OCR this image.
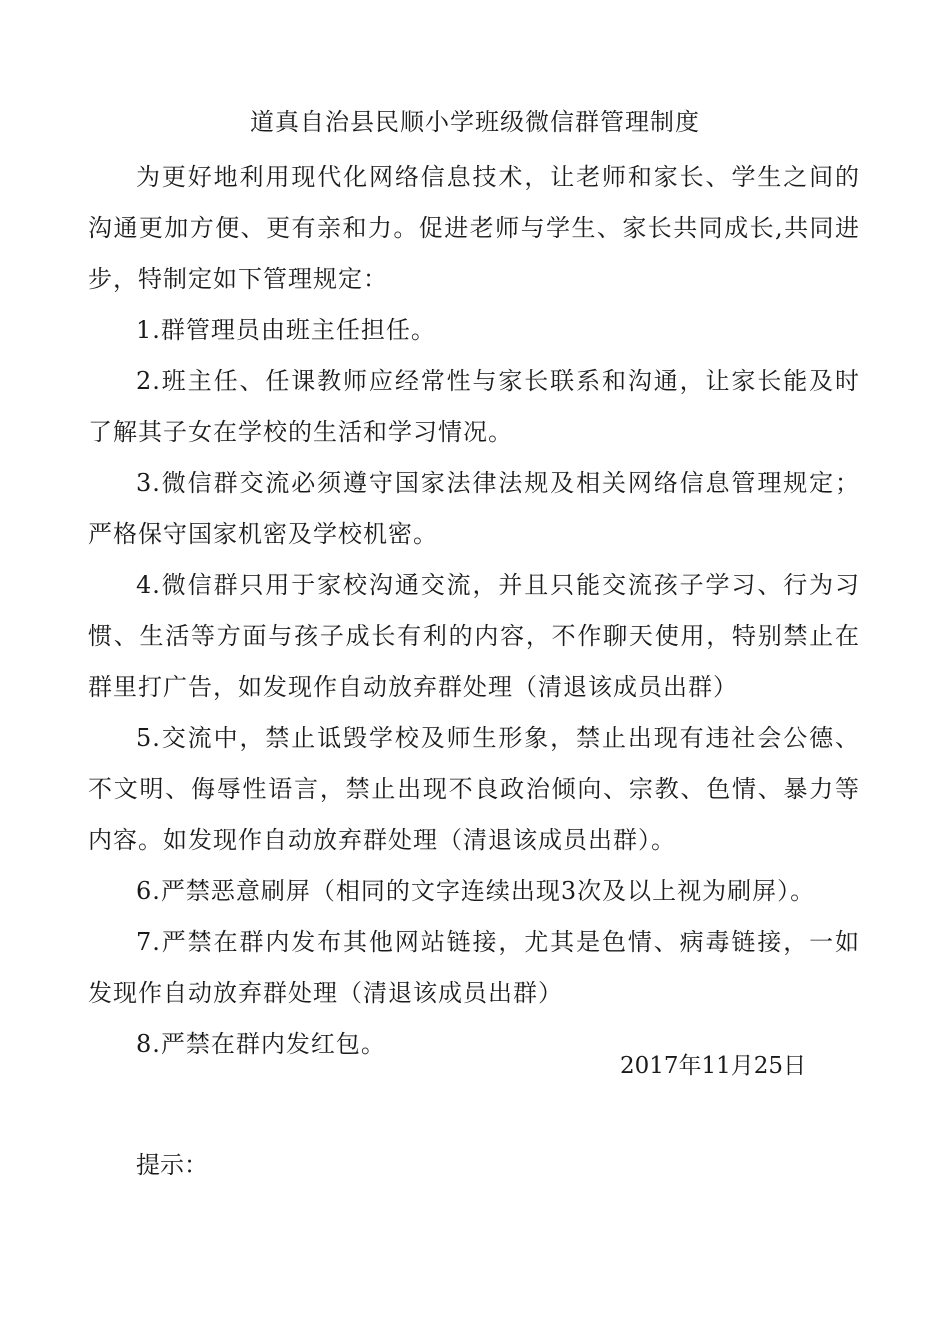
道真自治县民顺小学班级微信群管理制度

为更好地利用现代化网络信息技术，让老师和家长、学生之间的沟通更加方便、更有亲和力。促进老师与学生、家长共同成长,共同进步，特制定如下管理规定：

1.群管理员由班主任担任。

2.班主任、任课教师应经常性与家长联系和沟通，让家长能及时了解其子女在学校的生活和学习情况。

3.微信群交流必须遵守国家法律法规及相关网络信息管理规定；严格保守国家机密及学校机密。

4.微信群只用于家校沟通交流，并且只能交流孩子学习、行为习惯、生活等方面与孩子成长有利的内容，不作聊天使用，特别禁止在群里打广告，如发现作自动放弃群处理（清退该成员出群）

5.交流中，禁止诋毁学校及师生形象，禁止出现有违社会公德、不文明、侮辱性语言，禁止出现不良政治倾向、宗教、色情、暴力等内容。如发现作自动放弃群处理（清退该成员出群）。

6.严禁恶意刷屏（相同的文字连续出现3次及以上视为刷屏）。

7.严禁在群内发布其他网站链接，尤其是色情、病毒链接，一如发现作自动放弃群处理（清退该成员出群）

8.严禁在群内发红包。

2017年11月25日
提示：
